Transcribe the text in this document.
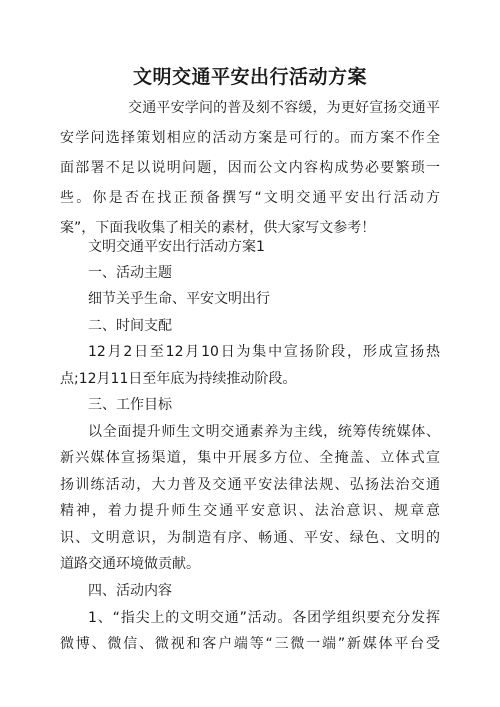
文明交通平安出行活动方案
交通平安学问的普及刻不容缓，为更好宣扬交通平
安学问选择策划相应的活动方案是可行的。而方案不作全
面部署不足以说明问题，因而公文内容构成势必要繁琐一
些。你是否在找正预备撰写“文明交通平安出行活动方
案”，下面我收集了相关的素材，供大家写文参考！
文明交通平安出行活动方案1
一、活动主题
细节关乎生命、平安文明出行
二、时间支配
12月2日至12月10日为集中宣扬阶段，形成宣扬热
点;12月11日至年底为持续推动阶段。
三、工作目标
以全面提升师生文明交通素养为主线，统筹传统媒体、
新兴媒体宣扬渠道，集中开展多方位、全掩盖、立体式宣
扬训练活动，大力普及交通平安法律法规、弘扬法治交通
精神，着力提升师生交通平安意识、法治意识、规章意
识、文明意识，为制造有序、畅通、平安、绿色、文明的
道路交通环境做贡献。
四、活动内容
1、“指尖上的文明交通”活动。各团学组织要充分发挥
微博、微信、微视和客户端等“三微一端”新媒体平台受
